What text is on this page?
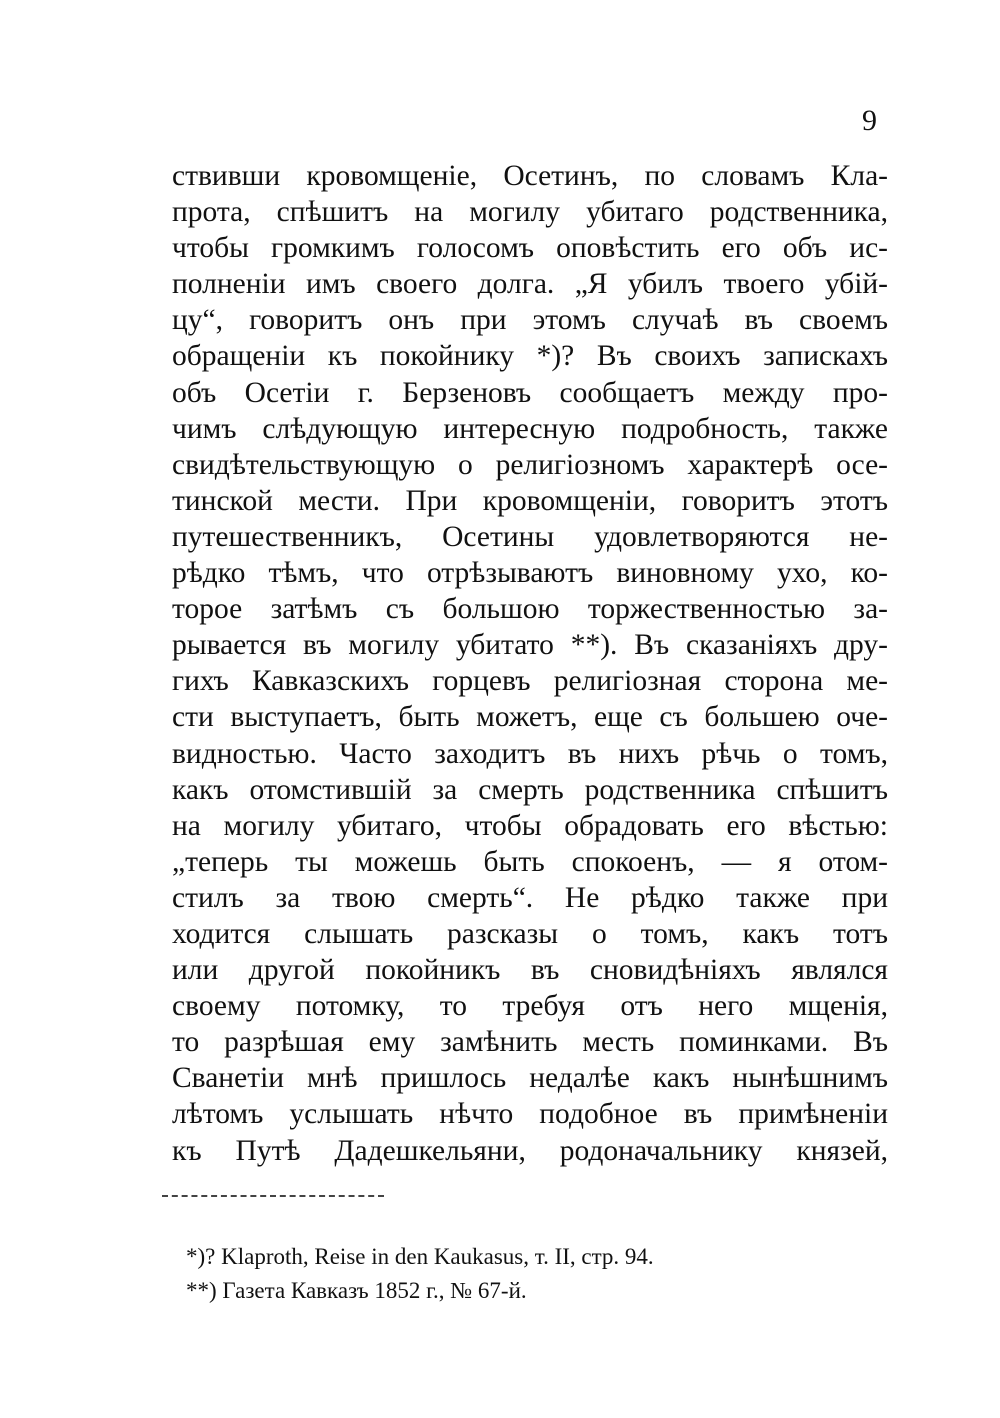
9
ствивши кровомщеніе, Осетинъ, по словамъ Кла-
прота, спѣшитъ на могилу убитаго родственника,
чтобы громкимъ голосомъ оповѣстить его объ ис-
полненіи имъ своего долга. „Я убилъ твоего убій-
цу“, говоритъ онъ при этомъ случаѣ въ своемъ
обращеніи къ покойнику *)? Въ своихъ запискахъ
объ Осетіи г. Берзеновъ сообщаетъ между про-
чимъ слѣдующую интересную подробность, также
свидѣтельствующую о религіозномъ характерѣ осе-
тинской мести. При кровомщеніи, говоритъ этотъ
путешественникъ, Осетины удовлетворяются не-
рѣдко тѣмъ, что отрѣзываютъ виновному ухо, ко-
торое затѣмъ съ большою торжественностью за-
рывается въ могилу убитато **). Въ сказаніяхъ дру-
гихъ Кавказскихъ горцевъ религіозная сторона ме-
сти выступаетъ, быть можетъ, еще съ большею оче-
видностью. Часто заходитъ въ нихъ рѣчь о томъ,
какъ отомстившій за смерть родственника спѣшитъ
на могилу убитаго, чтобы обрадовать его вѣстью:
„теперь ты можешь быть спокоенъ, — я отом-
стилъ за твою смерть“. Не рѣдко также при
ходится слышать разсказы о томъ, какъ тотъ
или другой покойникъ въ сновидѣніяхъ являлся
своему потомку, то требуя отъ него мщенія,
то разрѣшая ему замѣнить месть поминками. Въ
Сванетіи мнѣ пришлось недалѣе какъ нынѣшнимъ
лѣтомъ услышать нѣчто подобное въ примѣненіи
къ Путѣ Дадешкельяни, родоначальнику князей,
*)? Klaproth, Reise in den Kaukasus, т. II, стр. 94.
**) Газета Кавказъ 1852 г., № 67-й.
